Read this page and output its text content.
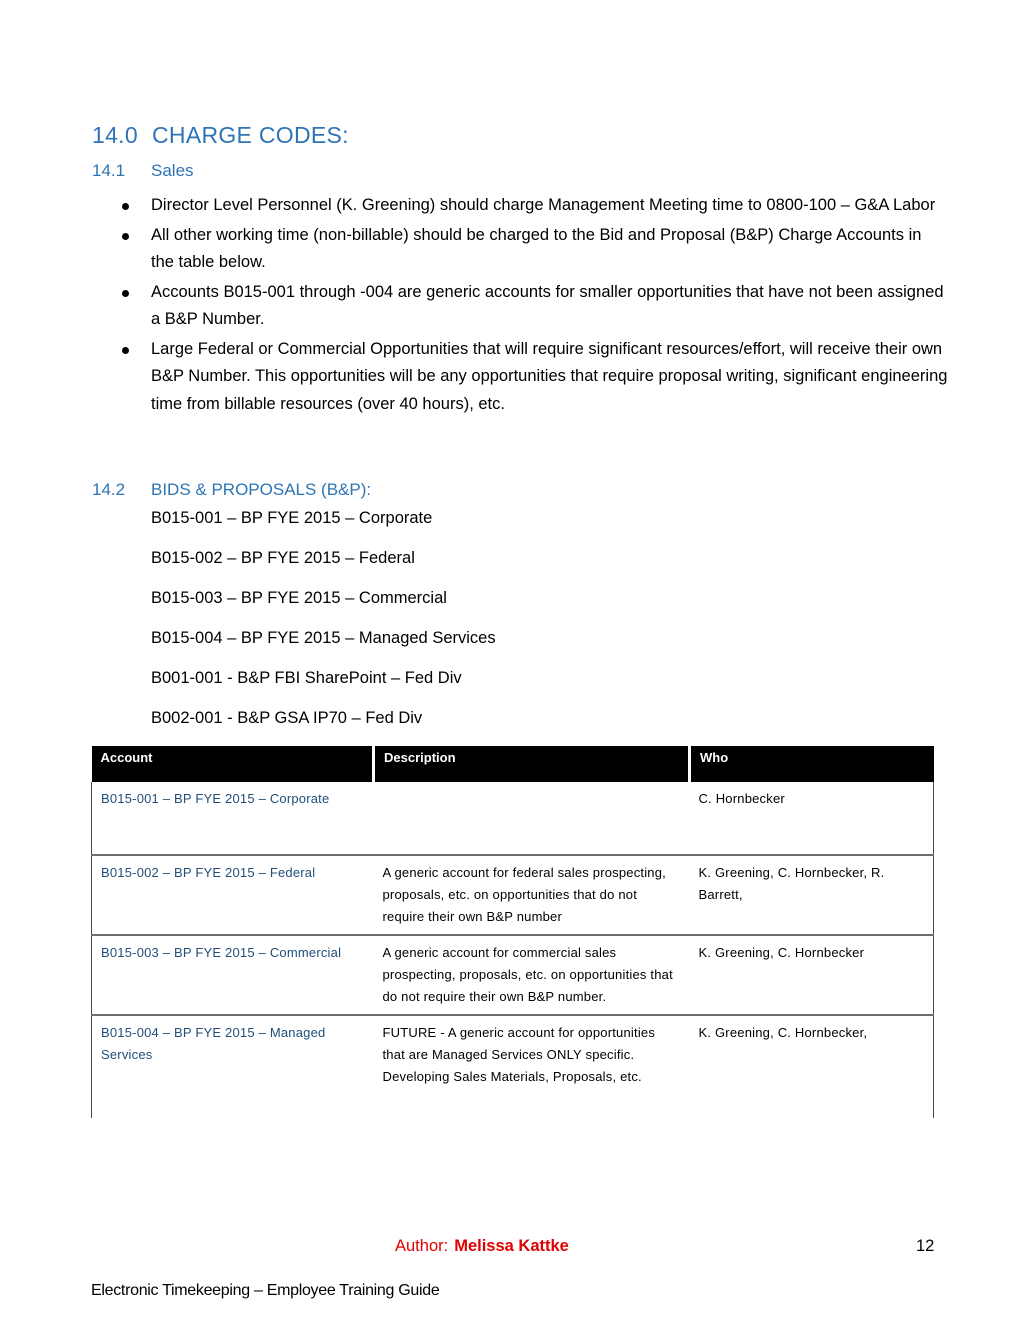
14.0 CHARGE CODES:
14.1 Sales
Director Level Personnel (K. Greening) should charge Management Meeting time to 0800-100 – G&A Labor
All other working time (non-billable) should be charged to the Bid and Proposal (B&P) Charge Accounts in the table below.
Accounts B015-001 through -004 are generic accounts for smaller opportunities that have not been assigned a B&P Number.
Large Federal or Commercial Opportunities that will require significant resources/effort, will receive their own B&P Number. This opportunities will be any opportunities that require proposal writing, significant engineering time from billable resources (over 40 hours), etc.
14.2 BIDS & PROPOSALS (B&P):
B015-001 – BP FYE 2015 – Corporate
B015-002 – BP FYE 2015 – Federal
B015-003 – BP FYE 2015 – Commercial
B015-004 – BP FYE 2015 – Managed Services
B001-001 - B&P FBI SharePoint – Fed Div
B002-001 - B&P GSA IP70 – Fed Div
Account	Description	Who
B015-001 – BP FYE 2015 – Corporate		C. Hornbecker
B015-002 – BP FYE 2015 – Federal	A generic account for federal sales prospecting, proposals, etc. on opportunities that do not require their own B&P number	K. Greening, C. Hornbecker, R. Barrett,
B015-003 – BP FYE 2015 – Commercial	A generic account for commercial sales prospecting, proposals, etc. on opportunities that do not require their own B&P number.	K. Greening, C. Hornbecker
B015-004 – BP FYE 2015 – Managed Services	FUTURE - A generic account for opportunities that are Managed Services ONLY specific. Developing Sales Materials, Proposals, etc.	K. Greening, C. Hornbecker,
Author: Melissa Kattke	12
Electronic Timekeeping – Employee Training Guide
